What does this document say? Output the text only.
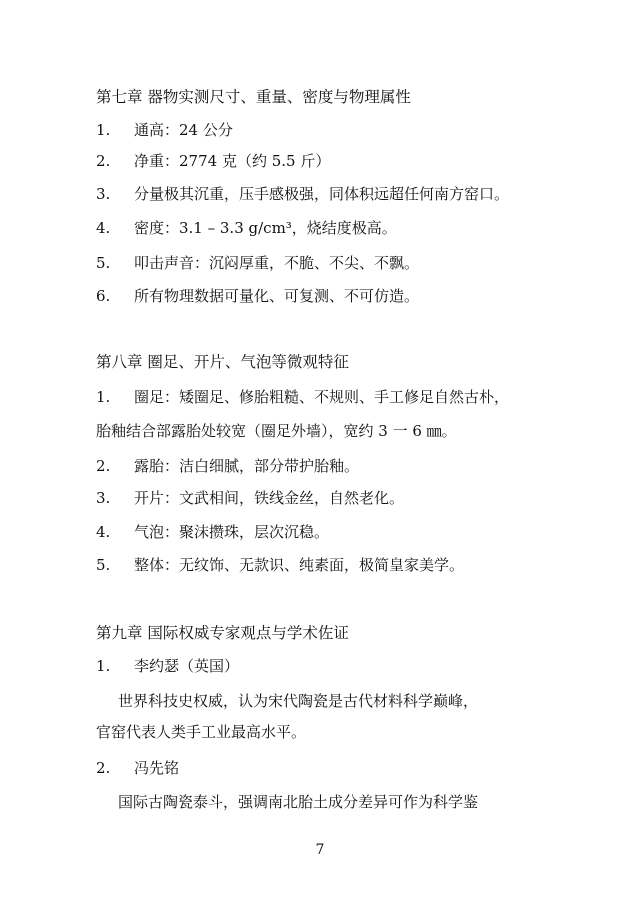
第七章 器物实测尺寸、重量、密度与物理属性
1. 通高：24 公分
2. 净重：2774 克（约 5.5 斤）
3. 分量极其沉重，压手感极强，同体积远超任何南方窑口。
4. 密度：3.1 – 3.3 g/cm³，烧结度极高。
5. 叩击声音：沉闷厚重，不脆、不尖、不飘。
6. 所有物理数据可量化、可复测、不可仿造。
第八章 圈足、开片、气泡等微观特征
1. 圈足：矮圈足、修胎粗糙、不规则、手工修足自然古朴，
胎釉结合部露胎处较宽（圈足外墙），宽约 3 一 6 ㎜。
2. 露胎：洁白细腻，部分带护胎釉。
3. 开片：文武相间，铁线金丝，自然老化。
4. 气泡：聚沫攒珠，层次沉稳。
5. 整体：无纹饰、无款识、纯素面，极简皇家美学。
第九章 国际权威专家观点与学术佐证
1. 李约瑟（英国）
世界科技史权威，认为宋代陶瓷是古代材料科学巅峰，
官窑代表人类手工业最高水平。
2. 冯先铭
国际古陶瓷泰斗，强调南北胎土成分差异可作为科学鉴
7
